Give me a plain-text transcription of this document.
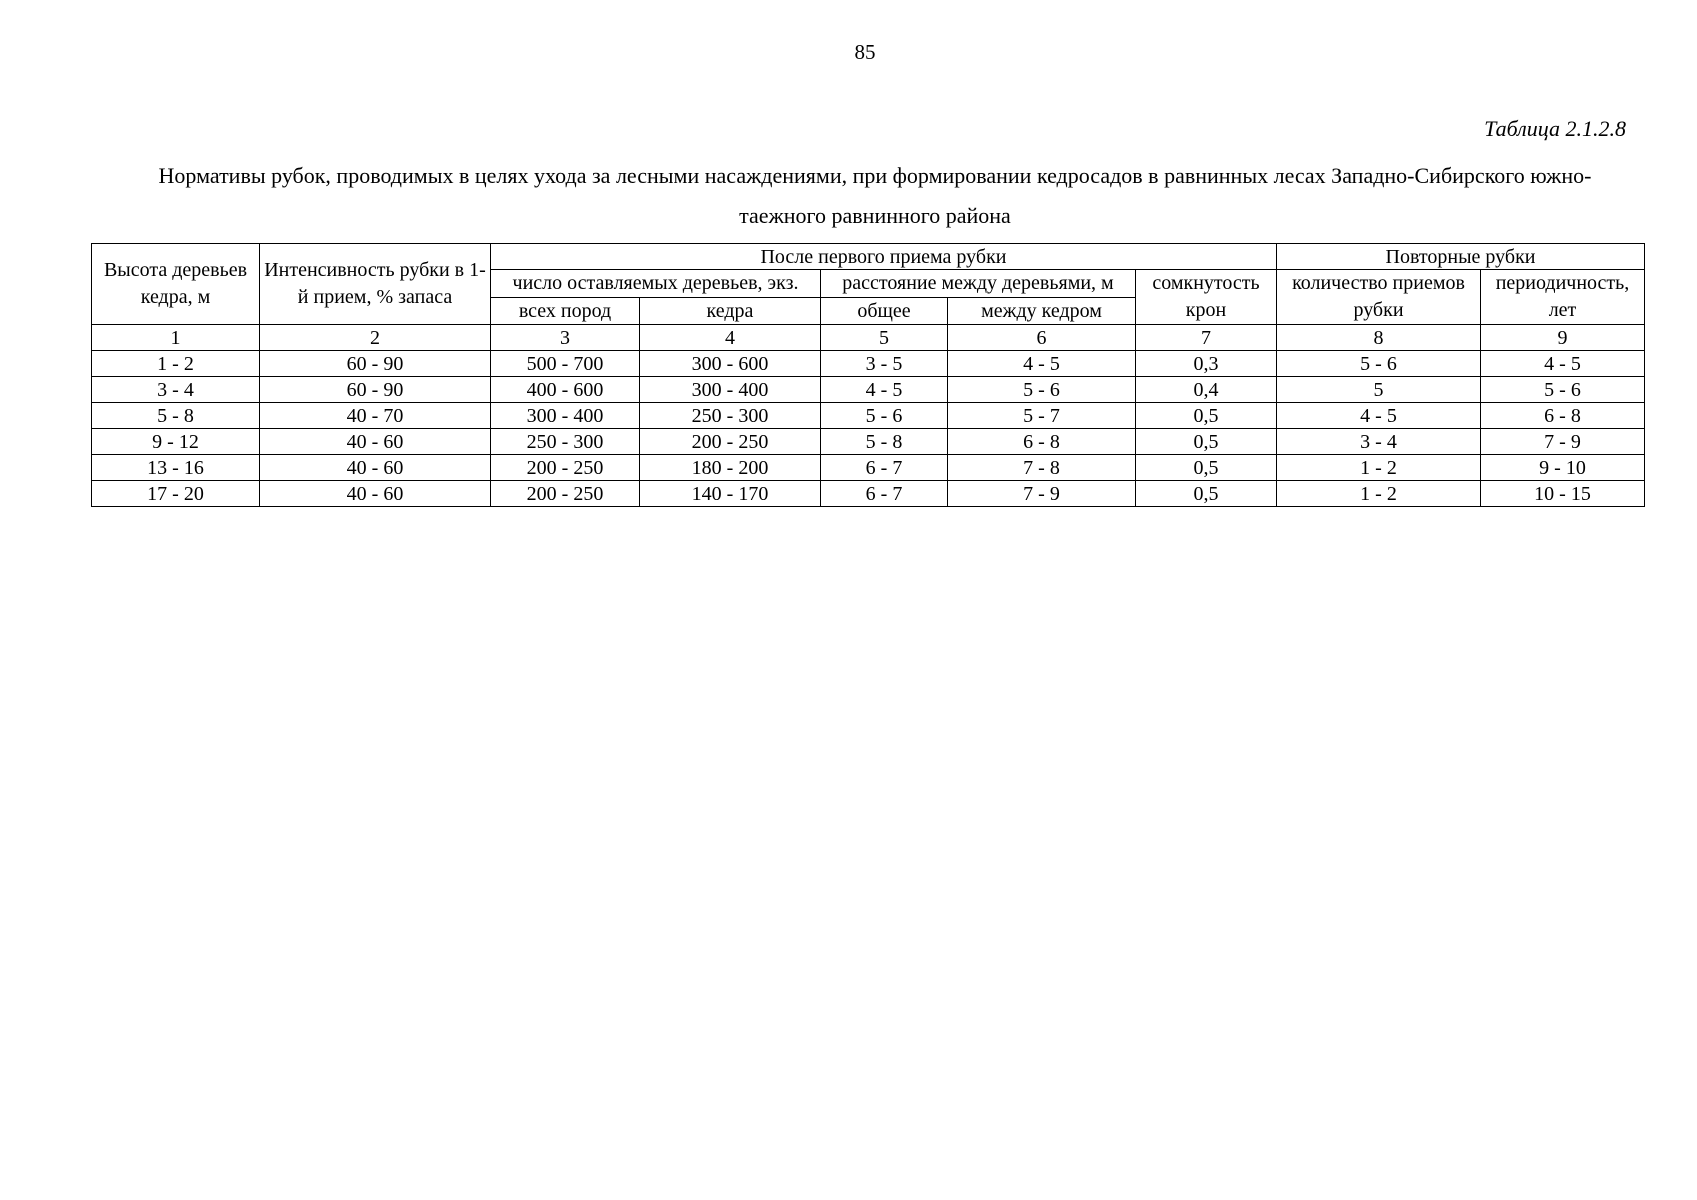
85
Таблица 2.1.2.8
Нормативы рубок, проводимых в целях ухода за лесными насаждениями, при формировании кедросадов в равнинных лесах Западно-Сибирского южно-таежного равнинного района
Высота деревьев кедра, м	Интенсивность рубки в 1-й прием, % запаса	После первого приема рубки					Повторные рубки	
		число оставляемых деревьев, экз.		расстояние между деревьями, м		сомкнутость крон	количество приемов рубки	периодичность, лет
		всех пород	кедра	общее	между кедром			
1	2	3	4	5	6	7	8	9
1 - 2	60 - 90	500 - 700	300 - 600	3 - 5	4 - 5	0,3	5 - 6	4 - 5
3 - 4	60 - 90	400 - 600	300 - 400	4 - 5	5 - 6	0,4	5	5 - 6
5 - 8	40 - 70	300 - 400	250 - 300	5 - 6	5 - 7	0,5	4 - 5	6 - 8
9 - 12	40 - 60	250 - 300	200 - 250	5 - 8	6 - 8	0,5	3 - 4	7 - 9
13 - 16	40 - 60	200 - 250	180 - 200	6 - 7	7 - 8	0,5	1 - 2	9 - 10
17 - 20	40 - 60	200 - 250	140 - 170	6 - 7	7 - 9	0,5	1 - 2	10 - 15
